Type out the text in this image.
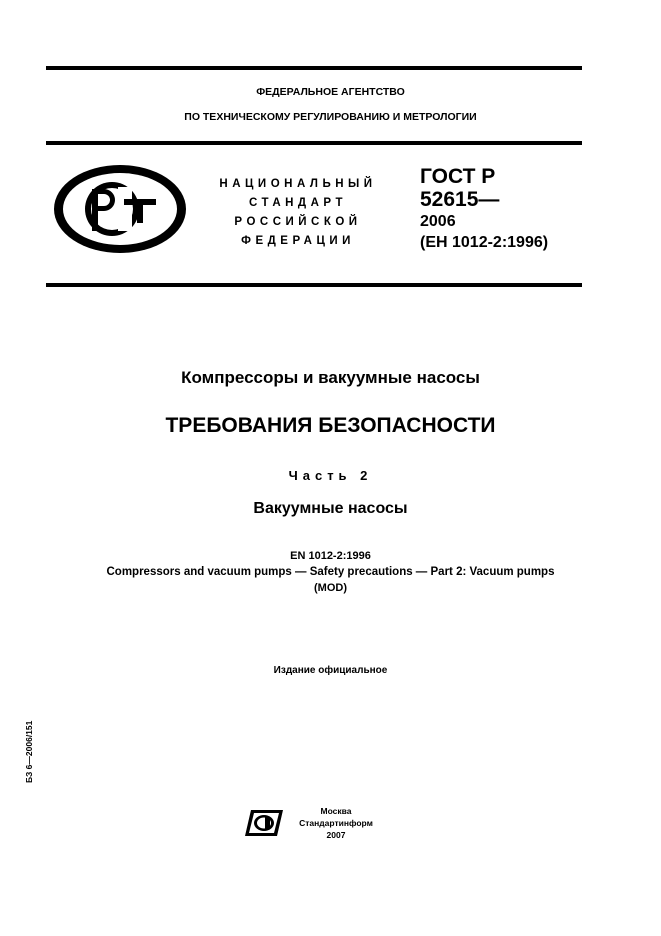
ФЕДЕРАЛЬНОЕ АГЕНТСТВО
ПО ТЕХНИЧЕСКОМУ РЕГУЛИРОВАНИЮ И МЕТРОЛОГИИ
РСТ
НАЦИОНАЛЬНЫЙ
СТАНДАРТ
РОССИЙСКОЙ
ФЕДЕРАЦИИ
ГОСТ Р
52615—
2006
(ЕН 1012-2:1996)
Компрессоры и вакуумные насосы
ТРЕБОВАНИЯ БЕЗОПАСНОСТИ
Часть 2
Вакуумные насосы
EN 1012-2:1996
Compressors and vacuum pumps — Safety precautions — Part 2: Vacuum pumps
(MOD)
Издание официальное
БЗ 6—2006/151
СИ	Москва
Стандартинформ
2007
